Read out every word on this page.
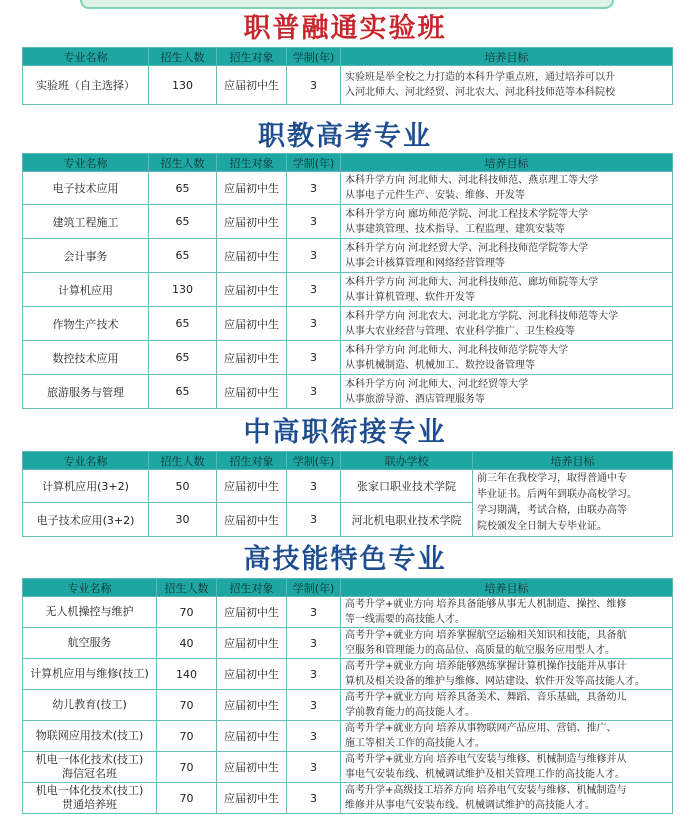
职普融通实验班
专业名称	招生人数	招生对象	学制(年)	培养目标
实验班（自主选择）	130	应届初中生	3	实验班是举全校之力打造的本科升学重点班，通过培养可以升
入河北师大、河北经贸、河北农大、河北科技师范等本科院校
职教高考专业
专业名称	招生人数	招生对象	学制(年)	培养目标
电子技术应用	65	应届初中生	3	本科升学方向 河北师大、河北科技师范、燕京理工等大学
从事电子元件生产、安装、维修、开发等

建筑工程施工	65	应届初中生	3	本科升学方向 廊坊师范学院、河北工程技术学院等大学
从事建筑管理、技术指导、工程监理、建筑安装等

会计事务	65	应届初中生	3	本科升学方向 河北经贸大学、河北科技师范学院等大学
从事会计核算管理和网络经营管理等

计算机应用	130	应届初中生	3	本科升学方向 河北师大、河北科技师范、廊坊师院等大学
从事计算机管理、软件开发等

作物生产技术	65	应届初中生	3	本科升学方向 河北农大、河北北方学院、河北科技师范等大学
从事大农业经营与管理、农业科学推广、卫生检疫等

数控技术应用	65	应届初中生	3	本科升学方向 河北师大、河北科技师范学院等大学
从事机械制造、机械加工、数控设备管理等

旅游服务与管理	65	应届初中生	3	本科升学方向 河北师大、河北经贸等大学
从事旅游导游、酒店管理服务等
中高职衔接专业
专业名称	招生人数	招生对象	学制(年)	联办学校	培养目标
计算机应用(3+2)	50	应届初中生	3	张家口职业技术学院	前三年在我校学习，取得普通中专
毕业证书。后两年到联办高校学习。
学习期满，考试合格，由联办高等
院校颁发全日制大专毕业证。

电子技术应用(3+2)	30	应届初中生	3	河北机电职业技术学院	
高技能特色专业
专业名称	招生人数	招生对象	学制(年)	培养目标

无人机操控与维护	70	应届初中生	3	高考升学+就业方向 培养具备能够从事无人机制造、操控、维修
等一线需要的高技能人才。

航空服务	40	应届初中生	3	高考升学+就业方向 培养掌握航空运输相关知识和技能，具备航
空服务和管理能力的高品位、高质量的航空服务应用型人才。

计算机应用与维修(技工)	140	应届初中生	3	高考升学+就业方向 培养能够熟练掌握计算机操作技能并从事计
算机及相关设备的维护与维修、网站建设、软件开发等高技能人才。

幼儿教育(技工)	70	应届初中生	3	高考升学+就业方向 培养具备美术、舞蹈、音乐基础，具备幼儿
学前教育能力的高技能人才。

物联网应用技术(技工)	70	应届初中生	3	高考升学+就业方向 培养从事物联网产品应用、营销、推广、
施工等相关工作的高技能人才。

机电一体化技术(技工)
海信冠名班	70	应届初中生	3	高考升学+就业方向 培养电气安装与维修、机械制造与维修并从
事电气安装布线、机械调试维护及相关管理工作的高技能人才。

机电一体化技术(技工)
贯通培养班	70	应届初中生	3	高考升学+高级技工培养方向 培养电气安装与维修、机械制造与
维修并从事电气安装布线、机械调试维护的高技能人才。
